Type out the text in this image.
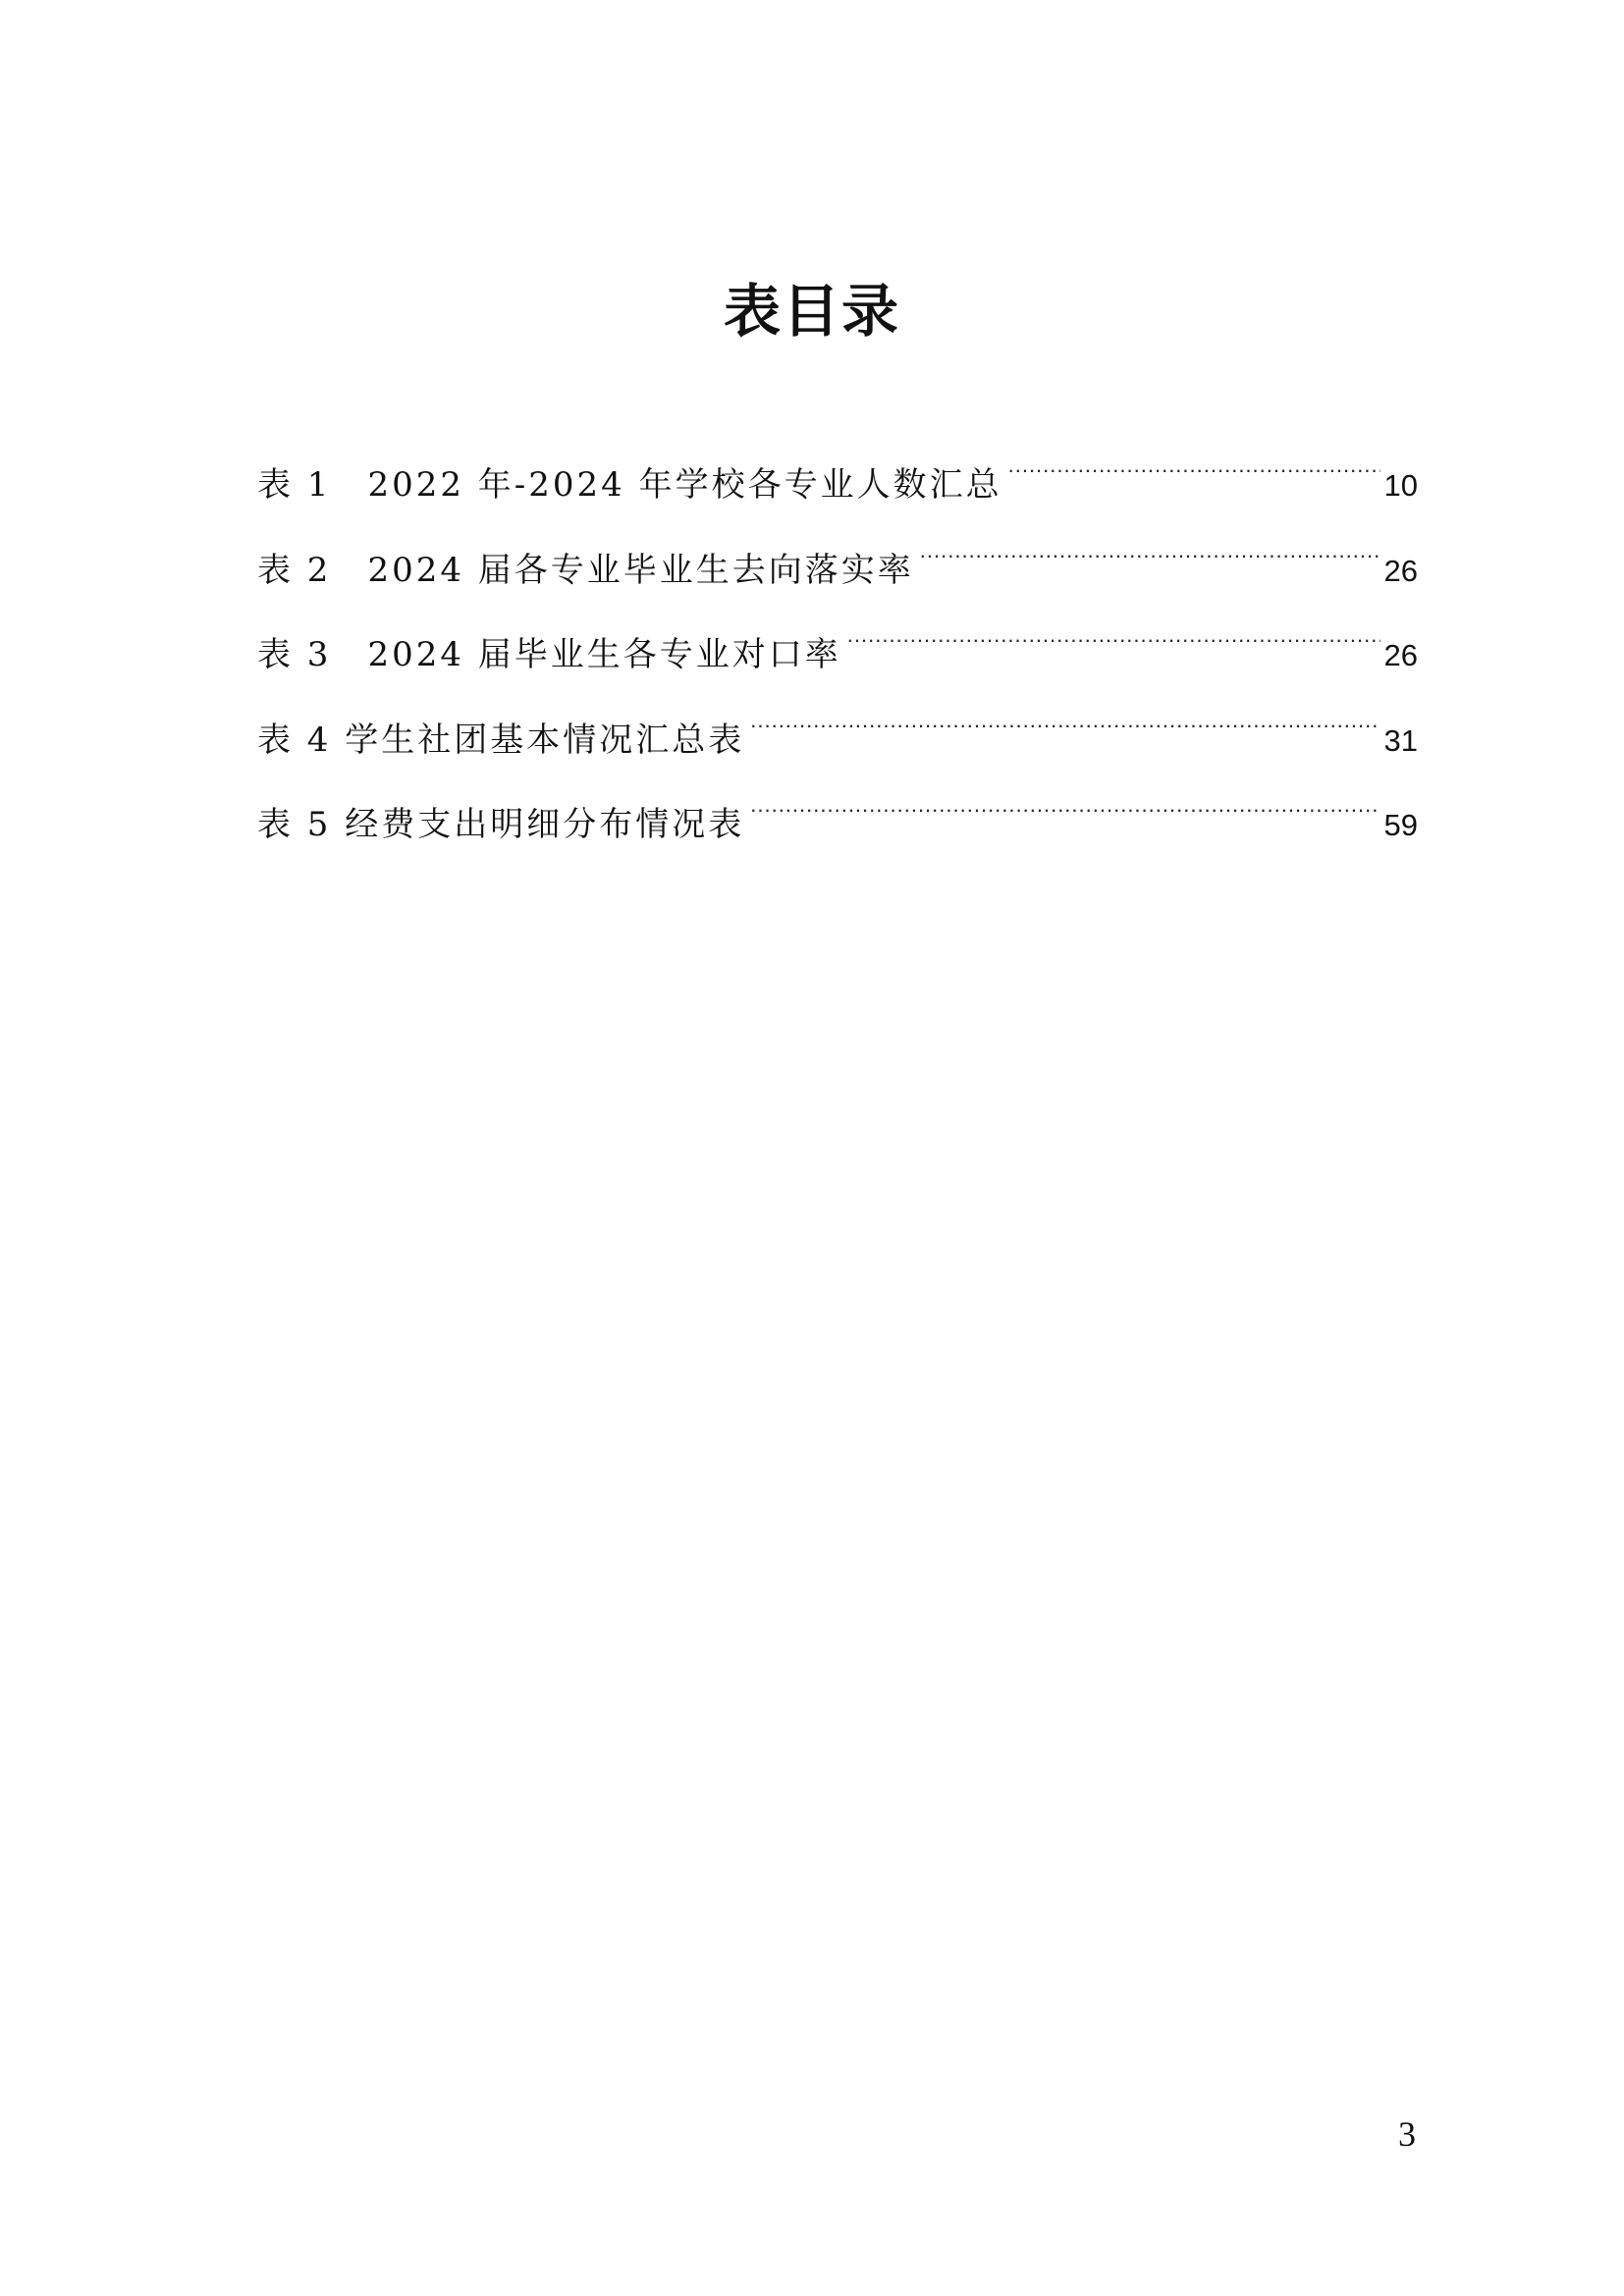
表目录
表 1　2022 年-2024 年学校各专业人数汇总 .....	10
表 2　2024 届各专业毕业生去向落实率 .....	26
表 3　2024 届毕业生各专业对口率 .....	26
表 4 学生社团基本情况汇总表 .....	31
表 5 经费支出明细分布情况表 .....	59
3
